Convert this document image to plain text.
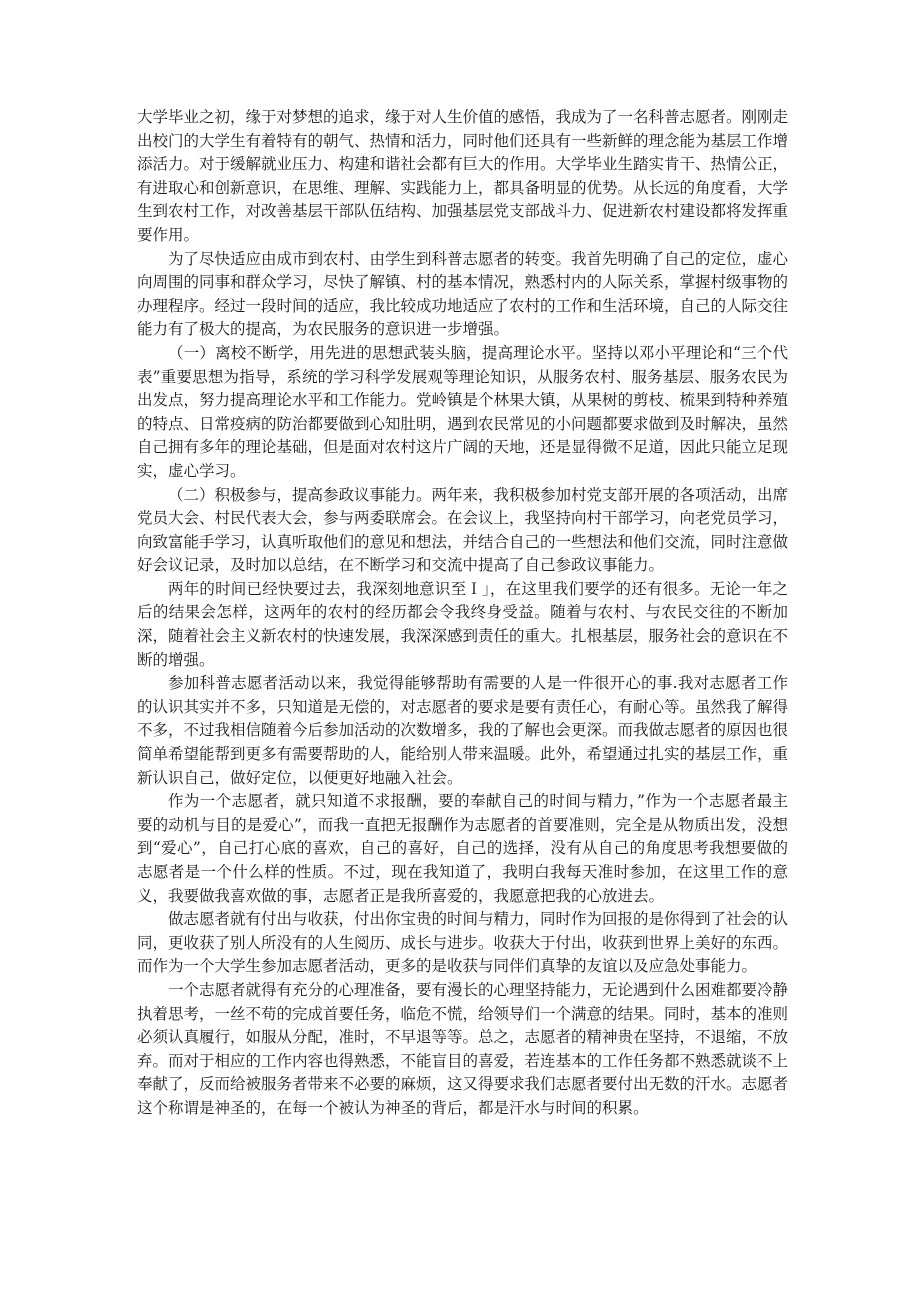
大学毕业之初，缘于对梦想的追求，缘于对人生价值的感悟，我成为了一名科普志愿者。刚刚走出校门的大学生有着特有的朝气、热情和活力，同时他们还具有一些新鲜的理念能为基层工作增添活力。对于缓解就业压力、构建和谐社会都有巨大的作用。大学毕业生踏实肯干、热情公正，有进取心和创新意识，在思维、理解、实践能力上，都具备明显的优势。从长远的角度看，大学生到农村工作，对改善基层干部队伍结构、加强基层党支部战斗力、促进新农村建设都将发挥重要作用。

为了尽快适应由成市到农村、由学生到科普志愿者的转变。我首先明确了自己的定位，虚心向周围的同事和群众学习，尽快了解镇、村的基本情况，熟悉村内的人际关系，掌握村级事物的办理程序。经过一段时间的适应，我比较成功地适应了农村的工作和生活环境，自己的人际交往能力有了极大的提高，为农民服务的意识进一步增强。

（一）离校不断学，用先进的思想武装头脑，提高理论水平。坚持以邓小平理论和“三个代表”重要思想为指导，系统的学习科学发展观等理论知识，从服务农村、服务基层、服务农民为出发点，努力提高理论水平和工作能力。党岭镇是个林果大镇，从果树的剪枝、梳果到特种养殖的特点、日常疫病的防治都要做到心知肚明，遇到农民常见的小问题都要求做到及时解决，虽然自己拥有多年的理论基础，但是面对农村这片广阔的天地，还是显得微不足道，因此只能立足现实，虚心学习。

（二）积极参与，提高参政议事能力。两年来，我积极参加村党支部开展的各项活动，出席党员大会、村民代表大会，参与两委联席会。在会议上，我坚持向村干部学习，向老党员学习，向致富能手学习，认真听取他们的意见和想法，并结合自己的一些想法和他们交流，同时注意做好会议记录，及时加以总结，在不断学习和交流中提高了自己参政议事能力。

两年的时间已经快要过去，我深刻地意识至Ｉ」，在这里我们要学的还有很多。无论一年之后的结果会怎样，这两年的农村的经历都会令我终身受益。随着与农村、与农民交往的不断加深，随着社会主义新农村的快速发展，我深深感到责任的重大。扎根基层，服务社会的意识在不断的增强。

参加科普志愿者活动以来，我觉得能够帮助有需要的人是一件很开心的事.我对志愿者工作的认识其实并不多，只知道是无偿的，对志愿者的要求是要有责任心，有耐心等。虽然我了解得不多，不过我相信随着今后参加活动的次数增多，我的了解也会更深。而我做志愿者的原因也很简单希望能帮到更多有需要帮助的人，能给别人带来温暖。此外，希望通过扎实的基层工作，重新认识自己，做好定位，以便更好地融入社会。

作为一个志愿者，就只知道不求报酬，要的奉献自己的时间与精力，”作为一个志愿者最主要的动机与目的是爱心”，而我一直把无报酬作为志愿者的首要准则，完全是从物质出发，没想到“爱心”，自己打心底的喜欢，自己的喜好，自己的选择，没有从自己的角度思考我想要做的志愿者是一个什么样的性质。不过，现在我知道了，我明白我每天准时参加，在这里工作的意义，我要做我喜欢做的事，志愿者正是我所喜爱的，我愿意把我的心放进去。

做志愿者就有付出与收获，付出你宝贵的时间与精力，同时作为回报的是你得到了社会的认同，更收获了别人所没有的人生阅历、成长与进步。收获大于付出，收获到世界上美好的东西。而作为一个大学生参加志愿者活动，更多的是收获与同伴们真挚的友谊以及应急处事能力。

一个志愿者就得有充分的心理准备，要有漫长的心理坚持能力，无论遇到什么困难都要冷静执着思考，一丝不苟的完成首要任务，临危不慌，给领导们一个满意的结果。同时，基本的准则必须认真履行，如服从分配，准时，不早退等等。总之，志愿者的精神贵在坚持，不退缩，不放弃。而对于相应的工作内容也得熟悉，不能盲目的喜爱，若连基本的工作任务都不熟悉就谈不上奉献了，反而给被服务者带来不必要的麻烦，这又得要求我们志愿者要付出无数的汗水。志愿者这个称谓是神圣的，在每一个被认为神圣的背后，都是汗水与时间的积累。
